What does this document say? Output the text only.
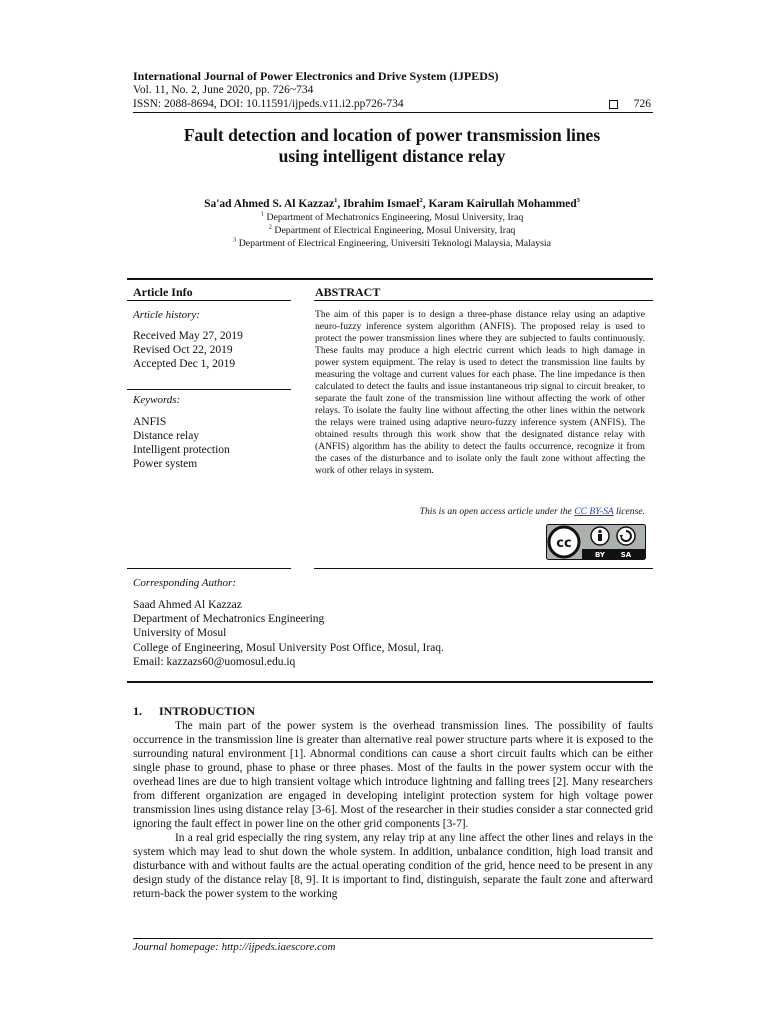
International Journal of Power Electronics and Drive System (IJPEDS)
Vol. 11, No. 2, June 2020, pp. 726~734
ISSN: 2088-8694, DOI: 10.11591/ijpeds.v11.i2.pp726-734	726
Fault detection and location of power transmission lines
using intelligent distance relay
Sa'ad Ahmed S. Al Kazzaz$^1$, Ibrahim Ismael$^2$, Karam Kairullah Mohammed$^3$
$^1$ Department of Mechatronics Engineering, Mosul University, Iraq
$^2$ Department of Electrical Engineering, Mosul University, Iraq
$^3$ Department of Electrical Engineering, Universiti Teknologi Malaysia, Malaysia
Article Info	ABSTRACT
Article history:
Received May 27, 2019
Revised Oct 22, 2019
Accepted Dec 1, 2019
Keywords:
ANFIS
Distance relay
Intelligent protection
Power system
The aim of this paper is to design a three-phase distance relay using an adaptive neuro-fuzzy inference system algorithm (ANFIS). The proposed relay is used to protect the power transmission lines where they are subjected to faults continuously. These faults may produce a high electric current which leads to high damage in power system equipment. The relay is used to detect the transmission line faults by measuring the voltage and current values for each phase. The line impedance is then calculated to detect the faults and issue instantaneous trip signal to circuit breaker, to separate the fault zone of the transmission line without affecting the work of other relays. To isolate the faulty line without affecting the other lines within the network the relays were trained using adaptive neuro-fuzzy inference system (ANFIS). The obtained results through this work show that the designated distance relay with (ANFIS) algorithm has the ability to detect the faults occurrence, recognize it from the cases of the disturbance and to isolate only the fault zone without affecting the work of other relays in system.
This is an open access article under the CC BY-SA license.
cc
BY SA
Corresponding Author:
Saad Ahmed Al Kazzaz
Department of Mechatronics Engineering
University of Mosul
College of Engineering, Mosul University Post Office, Mosul, Iraq.
Email: kazzazs60@uomosul.edu.iq
1. INTRODUCTION

The main part of the power system is the overhead transmission lines. The possibility of faults occurrence in the transmission line is greater than alternative real power structure parts where it is exposed to the surrounding natural environment [1]. Abnormal conditions can cause a short circuit faults which can be either single phase to ground, phase to phase or three phases. Most of the faults in the power system occur with the overhead lines are due to high transient voltage which introduce lightning and falling trees [2]. Many researchers from different organization are engaged in developing inteligint protection system for high voltage power transmission lines using distance relay [3-6]. Most of the researcher in their studies consider a star connected grid ignoring the fault effect in power line on the other grid components [3-7].

In a real grid especially the ring system, any relay trip at any line affect the other lines and relays in the system which may lead to shut down the whole system. In addition, unbalance condition, high load transit and disturbance with and without faults are the actual operating condition of the grid, hence need to be present in any design study of the distance relay [8, 9]. It is important to find, distinguish, separate the fault zone and afterward return-back the power system to the working

Journal homepage: http://ijpeds.iaescore.com
